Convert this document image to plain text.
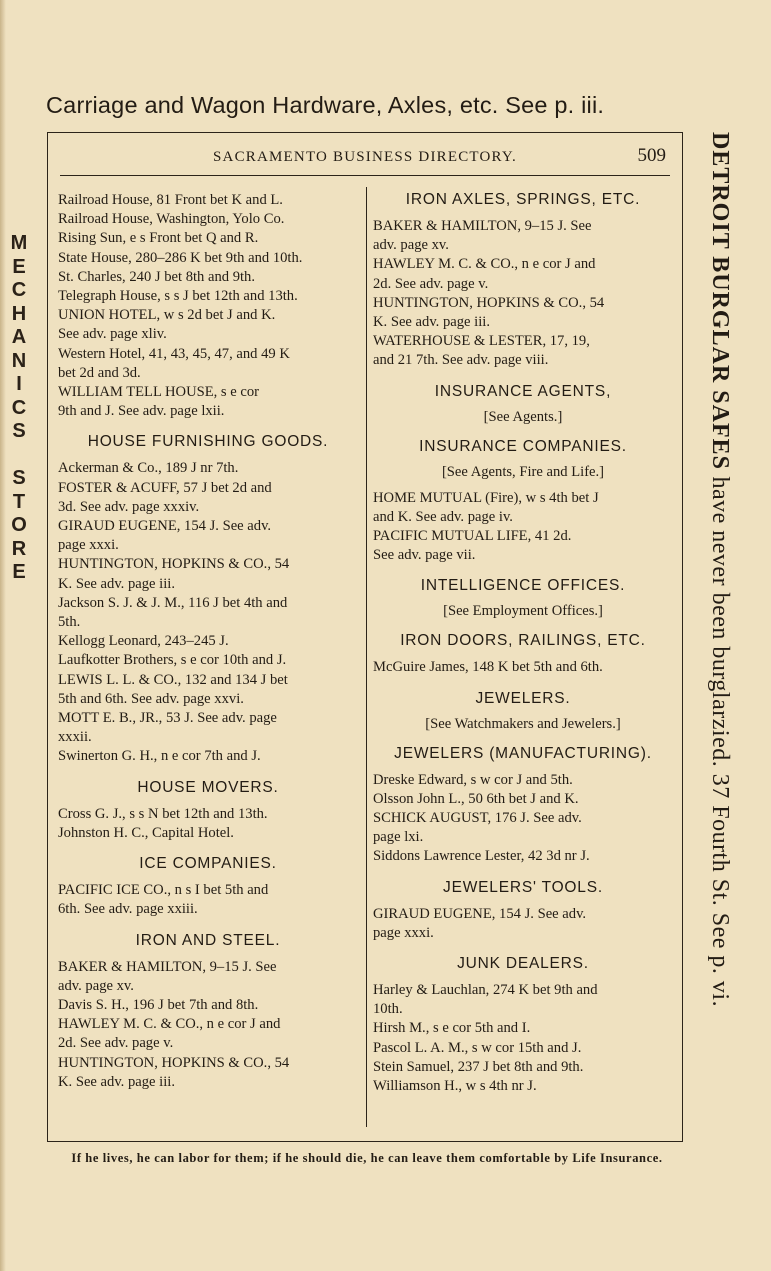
Carriage and Wagon Hardware, Axles, etc. See p. iii.
SACRAMENTO BUSINESS DIRECTORY.	509
Railroad House, 81 Front bet K and L.
Railroad House, Washington, Yolo Co.
Rising Sun, e s Front bet Q and R.
State House, 280–286 K bet 9th and 10th.
St. Charles, 240 J bet 8th and 9th.
Telegraph House, s s J bet 12th and 13th.
UNION HOTEL, w s 2d bet J and K.
See adv. page xliv.
Western Hotel, 41, 43, 45, 47, and 49 K
bet 2d and 3d.
WILLIAM TELL HOUSE, s e cor
9th and J. See adv. page lxii.
HOUSE FURNISHING GOODS.
Ackerman & Co., 189 J nr 7th.
FOSTER & ACUFF, 57 J bet 2d and
3d. See adv. page xxxiv.
GIRAUD EUGENE, 154 J. See adv.
page xxxi.
HUNTINGTON, HOPKINS & CO., 54
K. See adv. page iii.
Jackson S. J. & J. M., 116 J bet 4th and
5th.
Kellogg Leonard, 243–245 J.
Laufkotter Brothers, s e cor 10th and J.
LEWIS L. L. & CO., 132 and 134 J bet
5th and 6th. See adv. page xxvi.
MOTT E. B., JR., 53 J. See adv. page
xxxii.
Swinerton G. H., n e cor 7th and J.
HOUSE MOVERS.
Cross G. J., s s N bet 12th and 13th.
Johnston H. C., Capital Hotel.
ICE COMPANIES.
PACIFIC ICE CO., n s I bet 5th and
6th. See adv. page xxiii.
IRON AND STEEL.
BAKER & HAMILTON, 9–15 J. See
adv. page xv.
Davis S. H., 196 J bet 7th and 8th.
HAWLEY M. C. & CO., n e cor J and
2d. See adv. page v.
HUNTINGTON, HOPKINS & CO., 54
K. See adv. page iii.
IRON AXLES, SPRINGS, ETC.
BAKER & HAMILTON, 9–15 J. See
adv. page xv.
HAWLEY M. C. & CO., n e cor J and
2d. See adv. page v.
HUNTINGTON, HOPKINS & CO., 54
K. See adv. page iii.
WATERHOUSE & LESTER, 17, 19,
and 21 7th. See adv. page viii.
INSURANCE AGENTS,
[See Agents.]
INSURANCE COMPANIES.
[See Agents, Fire and Life.]
HOME MUTUAL (Fire), w s 4th bet J
and K. See adv. page iv.
PACIFIC MUTUAL LIFE, 41 2d.
See adv. page vii.
INTELLIGENCE OFFICES.
[See Employment Offices.]
IRON DOORS, RAILINGS, ETC.
McGuire James, 148 K bet 5th and 6th.
JEWELERS.
[See Watchmakers and Jewelers.]
JEWELERS (MANUFACTURING).
Dreske Edward, s w cor J and 5th.
Olsson John L., 50 6th bet J and K.
SCHICK AUGUST, 176 J. See adv.
page lxi.
Siddons Lawrence Lester, 42 3d nr J.
JEWELERS' TOOLS.
GIRAUD EUGENE, 154 J. See adv.
page xxxi.
JUNK DEALERS.
Harley & Lauchlan, 274 K bet 9th and
10th.
Hirsh M., s e cor 5th and I.
Pascol L. A. M., s w cor 15th and J.
Stein Samuel, 237 J bet 8th and 9th.
Williamson H., w s 4th nr J.
If he lives, he can labor for them; if he should die, he can leave them comfortable by Life Insurance.
M
E
C
H
A
N
I
C
S

S
T
O
R
E
DETROIT BURGLAR SAFES have never been burglarzied. 37 Fourth St. See p. vi.
